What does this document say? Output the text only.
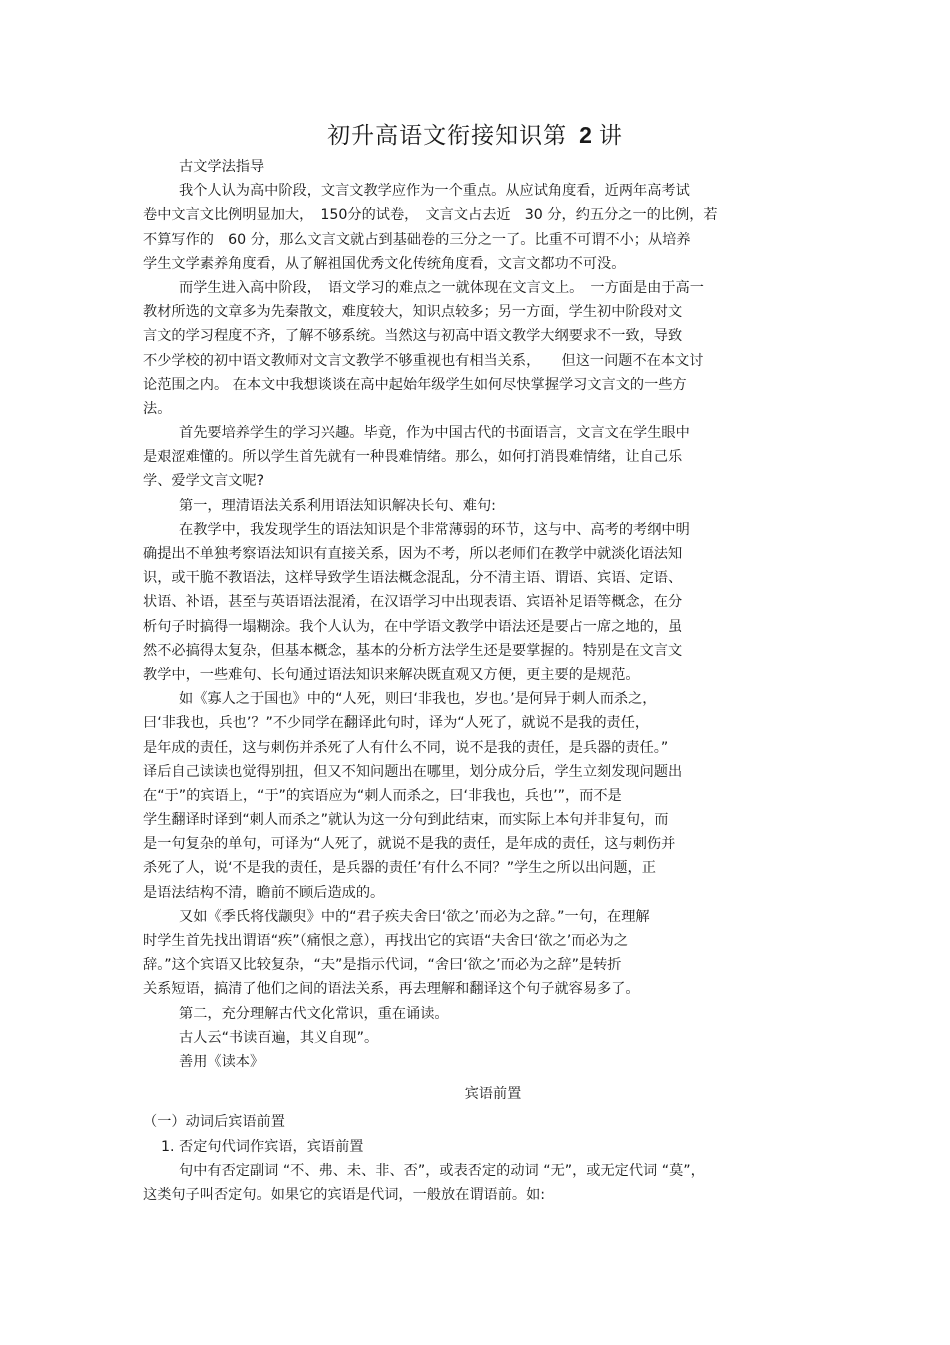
初升高语文衔接知识第 2 讲
古文学法指导
我个人认为高中阶段，文言文教学应作为一个重点。从应试角度看，近两年高考试
卷中文言文比例明显加大，　150分的试卷，　文言文占去近　30 分，约五分之一的比例，若
不算写作的　60 分，那么文言文就占到基础卷的三分之一了。比重不可谓不小；从培养
学生文学素养角度看，从了解祖国优秀文化传统角度看，文言文都功不可没。
而学生进入高中阶段，　语文学习的难点之一就体现在文言文上。　一方面是由于高一
教材所选的文章多为先秦散文，难度较大，知识点较多；另一方面，学生初中阶段对文
言文的学习程度不齐，了解不够系统。当然这与初高中语文教学大纲要求不一致，导致
不少学校的初中语文教师对文言文教学不够重视也有相当关系，　　但这一问题不在本文讨
论范围之内。 在本文中我想谈谈在高中起始年级学生如何尽快掌握学习文言文的一些方
法。
首先要培养学生的学习兴趣。毕竟，作为中国古代的书面语言，文言文在学生眼中
是艰涩难懂的。所以学生首先就有一种畏难情绪。那么，如何打消畏难情绪，让自己乐
学、爱学文言文呢?
第一，理清语法关系利用语法知识解决长句、难句:
在教学中，我发现学生的语法知识是个非常薄弱的环节，这与中、高考的考纲中明
确提出不单独考察语法知识有直接关系，因为不考，所以老师们在教学中就淡化语法知
识，或干脆不教语法，这样导致学生语法概念混乱，分不清主语、谓语、宾语、定语、
状语、补语，甚至与英语语法混淆，在汉语学习中出现表语、宾语补足语等概念，在分
析句子时搞得一塌糊涂。我个人认为，在中学语文教学中语法还是要占一席之地的，虽
然不必搞得太复杂，但基本概念，基本的分析方法学生还是要掌握的。特别是在文言文
教学中，一些难句、长句通过语法知识来解决既直观又方便，更主要的是规范。
如《寡人之于国也》中的“人死，则曰‘非我也，岁也。’是何异于刺人而杀之，
曰‘非我也，兵也’？”不少同学在翻译此句时，译为“人死了，就说不是我的责任，
是年成的责任，这与刺伤并杀死了人有什么不同，说不是我的责任，是兵器的责任。”
译后自己读读也觉得别扭，但又不知问题出在哪里，划分成分后，学生立刻发现问题出
在“于”的宾语上，“于”的宾语应为“刺人而杀之，曰‘非我也，兵也’”，而不是
学生翻译时译到“刺人而杀之”就认为这一分句到此结束，而实际上本句并非复句，而
是一句复杂的单句，可译为“人死了，就说不是我的责任，是年成的责任，这与刺伤并
杀死了人，说‘不是我的责任，是兵器的责任’有什么不同？”学生之所以出问题，正
是语法结构不清，瞻前不顾后造成的。
又如《季氏将伐颛臾》中的“君子疾夫舍曰‘欲之’而必为之辞。”一句，在理解
时学生首先找出谓语“疾”（痛恨之意），再找出它的宾语“夫舍曰‘欲之’而必为之
辞。”这个宾语又比较复杂，“夫”是指示代词，“舍曰‘欲之’而必为之辞”是转折
关系短语，搞清了他们之间的语法关系，再去理解和翻译这个句子就容易多了。
第二，充分理解古代文化常识，重在诵读。
古人云“书读百遍，其义自现”。
善用《读本》
宾语前置
（一）动词后宾语前置
1. 否定句代词作宾语，宾语前置
句中有否定副词 “不、弗、未、非、否”，或表否定的动词 “无”，或无定代词 “莫”，
这类句子叫否定句。如果它的宾语是代词，一般放在谓语前。如:
